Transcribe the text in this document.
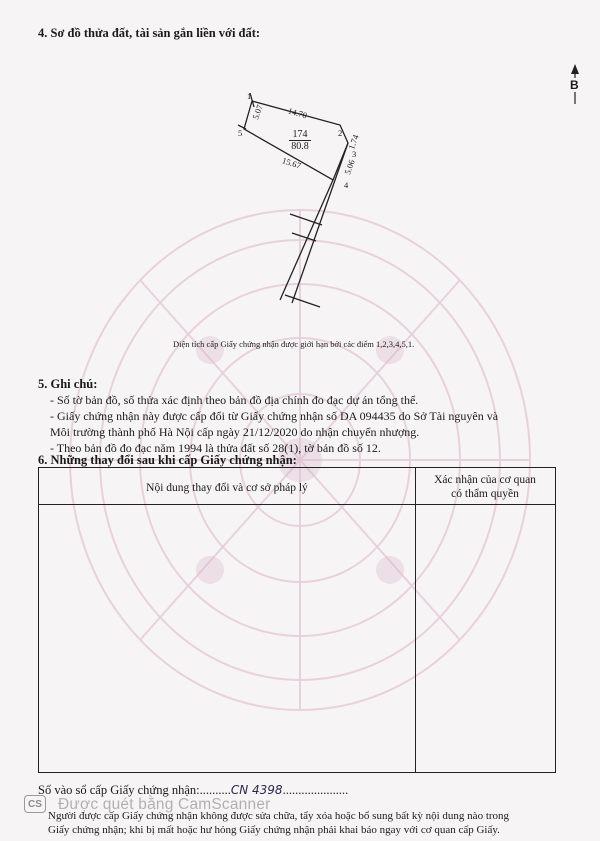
4. Sơ đồ thửa đất, tài sản gắn liền với đất:
B
1
5	2
3
4
14.70
5.07
1.74
5.06
15.67
174
80.8
Diện tích cấp Giấy chứng nhận được giới hạn bởi các điểm 1,2,3,4,5,1.
5. Ghi chú:
- Số tờ bản đồ, số thửa xác định theo bản đồ địa chính đo đạc dự án tổng thể.
- Giấy chứng nhận này được cấp đổi từ Giấy chứng nhận số DA 094435 do Sở Tài nguyên và
Môi trường thành phố Hà Nội cấp ngày 21/12/2020 do nhận chuyển nhượng.
- Theo bản đồ đo đạc năm 1994 là thửa đất số 28(1), tờ bản đồ số 12.
6. Những thay đổi sau khi cấp Giấy chứng nhận:
Nội dung thay đổi và cơ sở pháp lý
Xác nhận của cơ quan
có thẩm quyền
Số vào sổ cấp Giấy chứng nhận:..........CN 4398.....................
CS Được quét bằng CamScanner
Người được cấp Giấy chứng nhận không được sửa chữa, tẩy xóa hoặc bổ sung bất kỳ nội dung nào trong
Giấy chứng nhận; khi bị mất hoặc hư hỏng Giấy chứng nhận phải khai báo ngay với cơ quan cấp Giấy.
